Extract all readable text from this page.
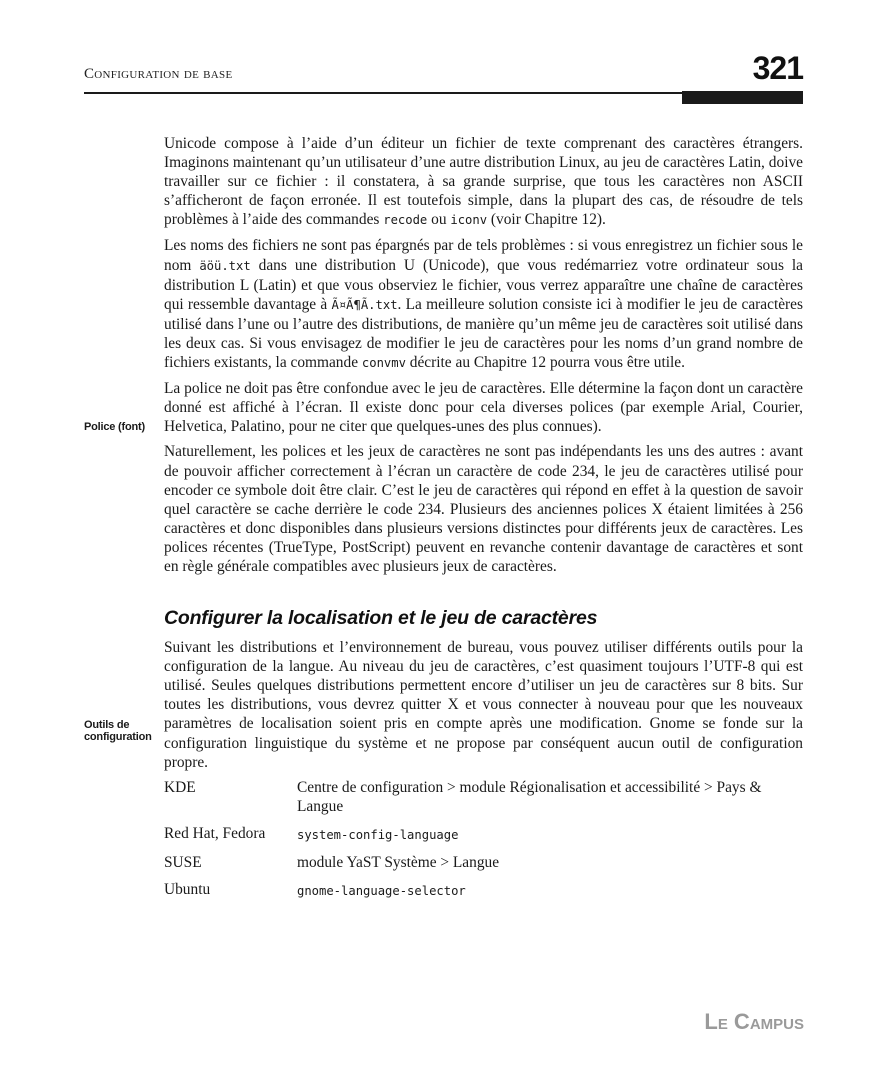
Configuration de base	321
Police (font)
Outils de configuration

Unicode compose à l’aide d’un éditeur un fichier de texte comprenant des caractères étrangers. Imaginons maintenant qu’un utilisateur d’une autre distribution Linux, au jeu de caractères Latin, doive travailler sur ce fichier : il constatera, à sa grande surprise, que tous les caractères non ASCII s’afficheront de façon erronée. Il est toutefois simple, dans la plupart des cas, de résoudre de tels problèmes à l’aide des commandes recode ou iconv (voir Chapitre 12).

Les noms des fichiers ne sont pas épargnés par de tels problèmes : si vous enregistrez un fichier sous le nom äöü.txt dans une distribution U (Unicode), que vous redémarriez votre ordinateur sous la distribution L (Latin) et que vous observiez le fichier, vous verrez apparaître une chaîne de caractères qui ressemble davantage à Ã¤Ã¶Ã.txt. La meilleure solution consiste ici à modifier le jeu de caractères utilisé dans l’une ou l’autre des distributions, de manière qu’un même jeu de caractères soit utilisé dans les deux cas. Si vous envisagez de modifier le jeu de caractères pour les noms d’un grand nombre de fichiers existants, la commande convmv décrite au Chapitre 12 pourra vous être utile.

La police ne doit pas être confondue avec le jeu de caractères. Elle détermine la façon dont un caractère donné est affiché à l’écran. Il existe donc pour cela diverses polices (par exemple Arial, Courier, Helvetica, Palatino, pour ne citer que quelques-unes des plus connues).

Naturellement, les polices et les jeux de caractères ne sont pas indépendants les uns des autres : avant de pouvoir afficher correctement à l’écran un caractère de code 234, le jeu de caractères utilisé pour encoder ce symbole doit être clair. C’est le jeu de caractères qui répond en effet à la question de savoir quel caractère se cache derrière le code 234. Plusieurs des anciennes polices X étaient limitées à 256 caractères et donc disponibles dans plusieurs versions distinctes pour différents jeux de caractères. Les polices récentes (TrueType, PostScript) peuvent en revanche contenir davantage de caractères et sont en règle générale compatibles avec plusieurs jeux de caractères.

Configurer la localisation et le jeu de caractères

Suivant les distributions et l’environnement de bureau, vous pouvez utiliser différents outils pour la configuration de la langue. Au niveau du jeu de caractères, c’est quasiment toujours l’UTF-8 qui est utilisé. Seules quelques distributions permettent encore d’utiliser un jeu de caractères sur 8 bits. Sur toutes les distributions, vous devrez quitter X et vous connecter à nouveau pour que les nouveaux paramètres de localisation soient pris en compte après une modification. Gnome se fonde sur la configuration linguistique du système et ne propose par conséquent aucun outil de configuration propre.

KDE	Centre de configuration > module Régionalisation et accessibilité > Pays & Langue
Red Hat, Fedora	system-config-language
SUSE	module YaST Système > Langue
Ubuntu	gnome-language-selector
Le Campus
